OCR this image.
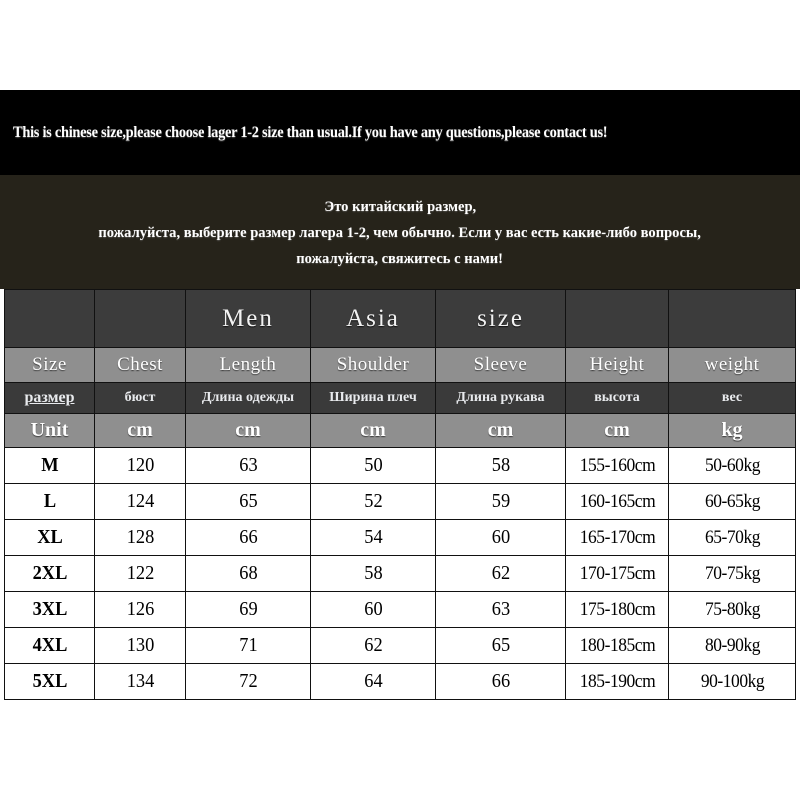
This is chinese size,please choose lager 1-2 size than usual.If you have any questions,please contact us!
Это китайский размер,
пожалуйста, выберите размер лагера 1-2, чем обычно. Если у вас есть какие-либо вопросы,
пожалуйста, свяжитесь с нами!
		Men	Asia	size		
Size	Chest	Length	Shoulder	Sleeve	Height	weight
размер	бюст	Длина одежды	Ширина плеч	Длина рукава	высота	вес
Unit	cm	cm	cm	cm	cm	kg
M	120	63	50	58	155-160cm	50-60kg
L	124	65	52	59	160-165cm	60-65kg
XL	128	66	54	60	165-170cm	65-70kg
2XL	122	68	58	62	170-175cm	70-75kg
3XL	126	69	60	63	175-180cm	75-80kg
4XL	130	71	62	65	180-185cm	80-90kg
5XL	134	72	64	66	185-190cm	90-100kg
